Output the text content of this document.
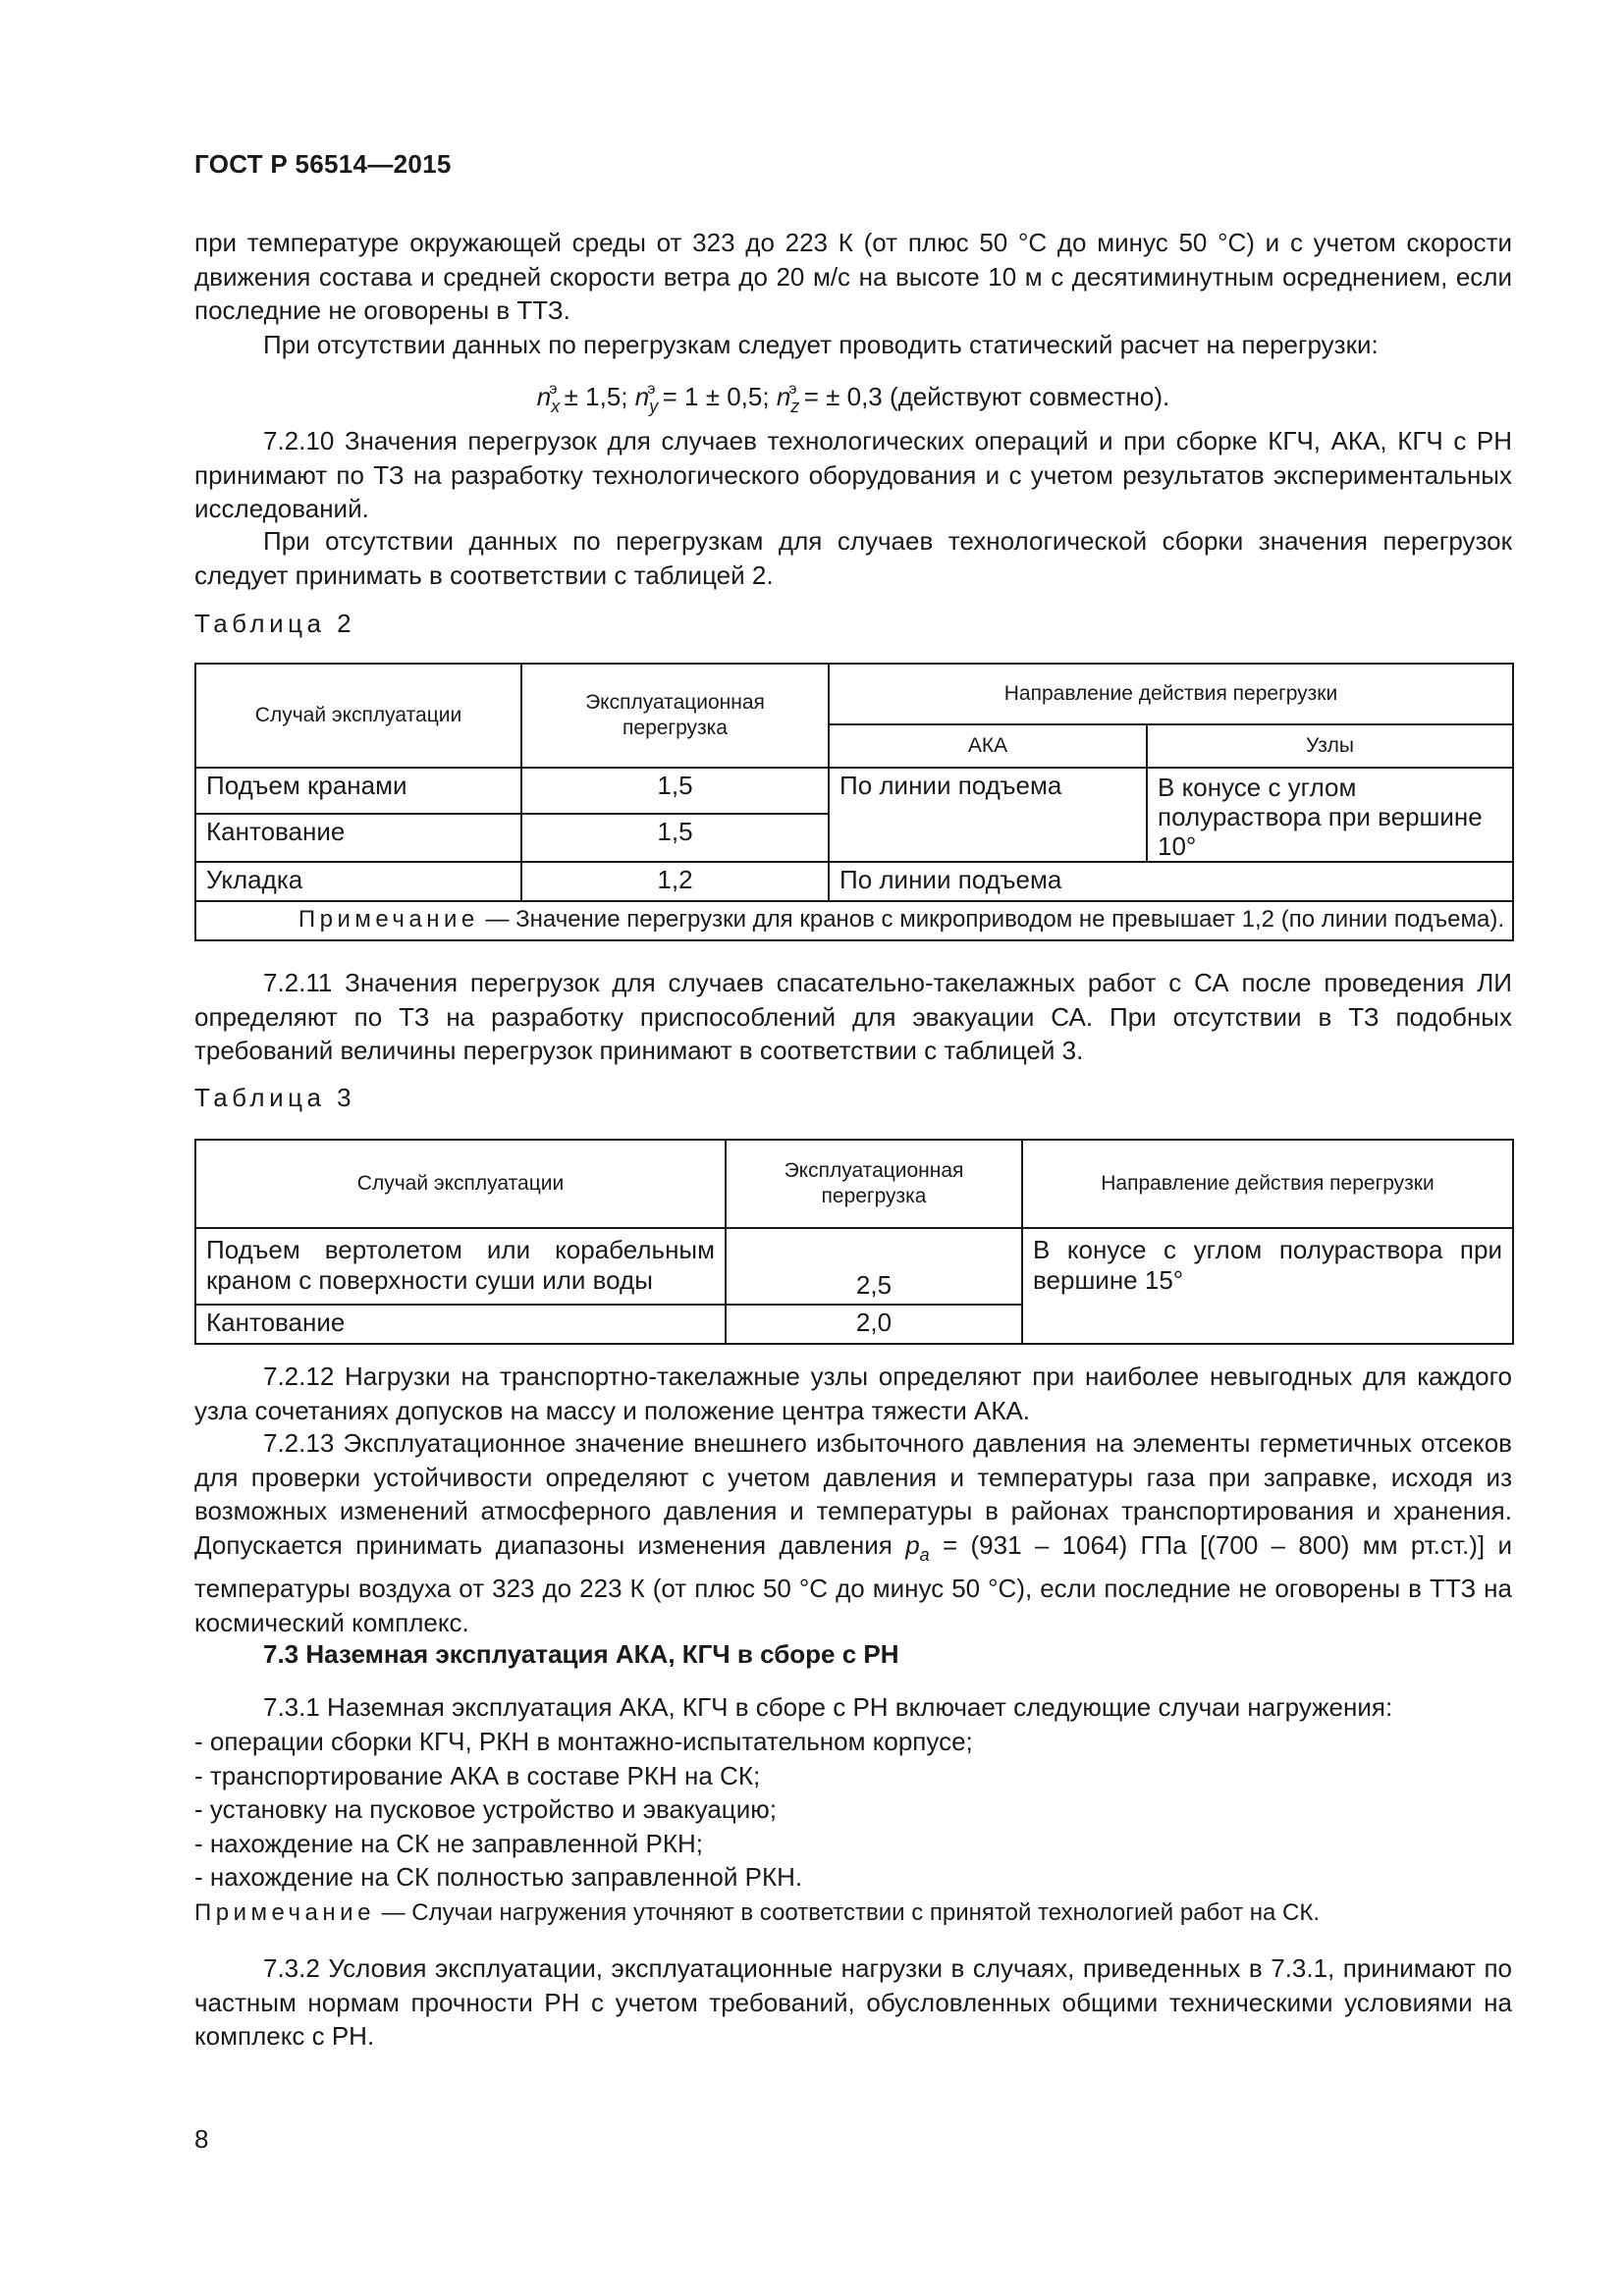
ГОСТ Р 56514—2015

при температуре окружающей среды от 323 до 223 К (от плюс 50 °С до минус 50 °С) и с учетом скорости движения состава и средней скорости ветра до 20 м/с на высоте 10 м с десятиминутным осреднением, если последние не оговорены в ТТЗ.

При отсутствии данных по перегрузкам следует проводить статический расчет на перегрузки:

$n_x^э \pm 1,5$; $n_y^э = 1 \pm 0,5$; $n_z^э$ = ± 0,3 (действуют совместно).

7.2.10 Значения перегрузок для случаев технологических операций и при сборке КГЧ, АКА, КГЧ с РН принимают по ТЗ на разработку технологического оборудования и с учетом результатов экспериментальных исследований.

При отсутствии данных по перегрузкам для случаев технологической сборки значения перегрузок следует принимать в соответствии с таблицей 2.

Таблица 2
Случай эксплуатации	Эксплуатационная перегрузка	Направление действия перегрузки	
		АКА	Узлы
Подъем кранами	1,5	По линии подъема	В конусе с углом полураствора при вершине 10°
Кантование	1,5		
Укладка	1,2	По линии подъема	
Примечание — Значение перегрузки для кранов с микроприводом не превышает 1,2 (по линии подъема).			

7.2.11 Значения перегрузок для случаев спасательно-такелажных работ с СА после проведения ЛИ определяют по ТЗ на разработку приспособлений для эвакуации СА. При отсутствии в ТЗ подобных требований величины перегрузок принимают в соответствии с таблицей 3.

Таблица 3
Случай эксплуатации	Эксплуатационная перегрузка	Направление действия перегрузки
Подъем вертолетом или корабельным краном с поверхности суши или воды	2,5	В конусе с углом полураствора при вершине 15°
Кантование	2,0	

7.2.12 Нагрузки на транспортно-такелажные узлы определяют при наиболее невыгодных для каждого узла сочетаниях допусков на массу и положение центра тяжести АКА.

7.2.13 Эксплуатационное значение внешнего избыточного давления на элементы герметичных отсеков для проверки устойчивости определяют с учетом давления и температуры газа при заправке, исходя из возможных изменений атмосферного давления и температуры в районах транспортирования и хранения. Допускается принимать диапазоны изменения давления $p_a = (931 - 1064)$ ГПа [(700 – 800) мм рт.ст.)] и температуры воздуха от 323 до 223 К (от плюс 50 °С до минус 50 °С), если последние не оговорены в ТТЗ на космический комплекс.

7.3 Наземная эксплуатация АКА, КГЧ в сборе с РН

7.3.1 Наземная эксплуатация АКА, КГЧ в сборе с РН включает следующие случаи нагружения:

- операции сборки КГЧ, РКН в монтажно-испытательном корпусе;
- транспортирование АКА в составе РКН на СК;
- установку на пусковое устройство и эвакуацию;
- нахождение на СК не заправленной РКН;
- нахождение на СК полностью заправленной РКН.

Примечание — Случаи нагружения уточняют в соответствии с принятой технологией работ на СК.

7.3.2 Условия эксплуатации, эксплуатационные нагрузки в случаях, приведенных в 7.3.1, принимают по частным нормам прочности РН с учетом требований, обусловленных общими техническими условиями на комплекс с РН.

8
